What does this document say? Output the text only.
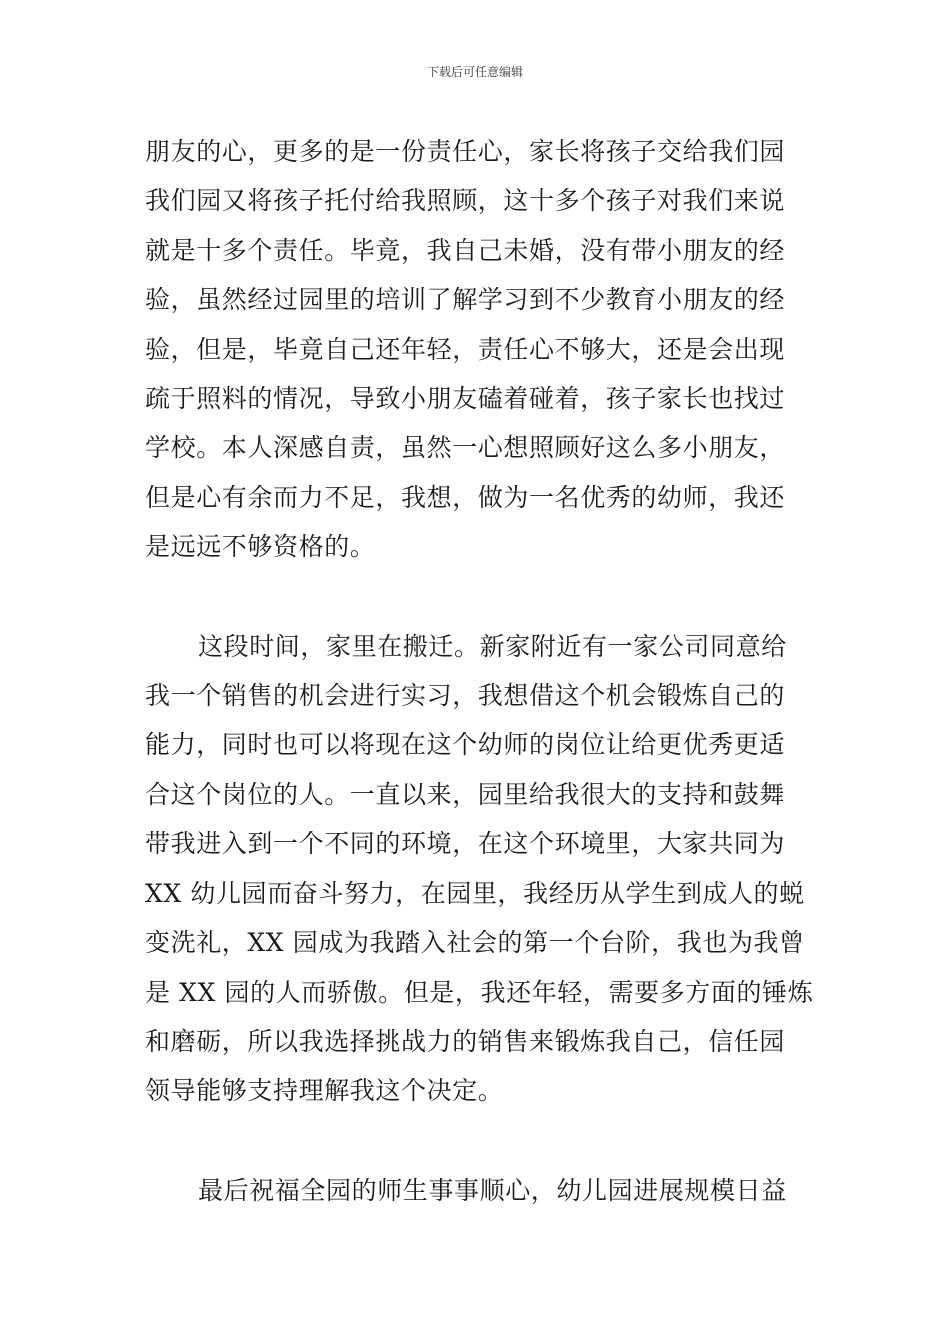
下载后可任意编辑

朋友的心，更多的是一份责任心，家长将孩子交给我们园
我们园又将孩子托付给我照顾，这十多个孩子对我们来说
就是十多个责任。毕竟，我自己未婚，没有带小朋友的经
验，虽然经过园里的培训了解学习到不少教育小朋友的经
验，但是，毕竟自己还年轻，责任心不够大，还是会出现
疏于照料的情况，导致小朋友磕着碰着，孩子家长也找过
学校。本人深感自责，虽然一心想照顾好这么多小朋友，
但是心有余而力不足，我想，做为一名优秀的幼师，我还
是远远不够资格的。

这段时间，家里在搬迁。新家附近有一家公司同意给
我一个销售的机会进行实习，我想借这个机会锻炼自己的
能力，同时也可以将现在这个幼师的岗位让给更优秀更适
合这个岗位的人。一直以来，园里给我很大的支持和鼓舞
带我进入到一个不同的环境，在这个环境里，大家共同为
XX 幼儿园而奋斗努力，在园里，我经历从学生到成人的蜕
变洗礼，XX 园成为我踏入社会的第一个台阶，我也为我曾
是 XX 园的人而骄傲。但是，我还年轻，需要多方面的锤炼
和磨砺，所以我选择挑战力的销售来锻炼我自己，信任园
领导能够支持理解我这个决定。

最后祝福全园的师生事事顺心，幼儿园进展规模日益
